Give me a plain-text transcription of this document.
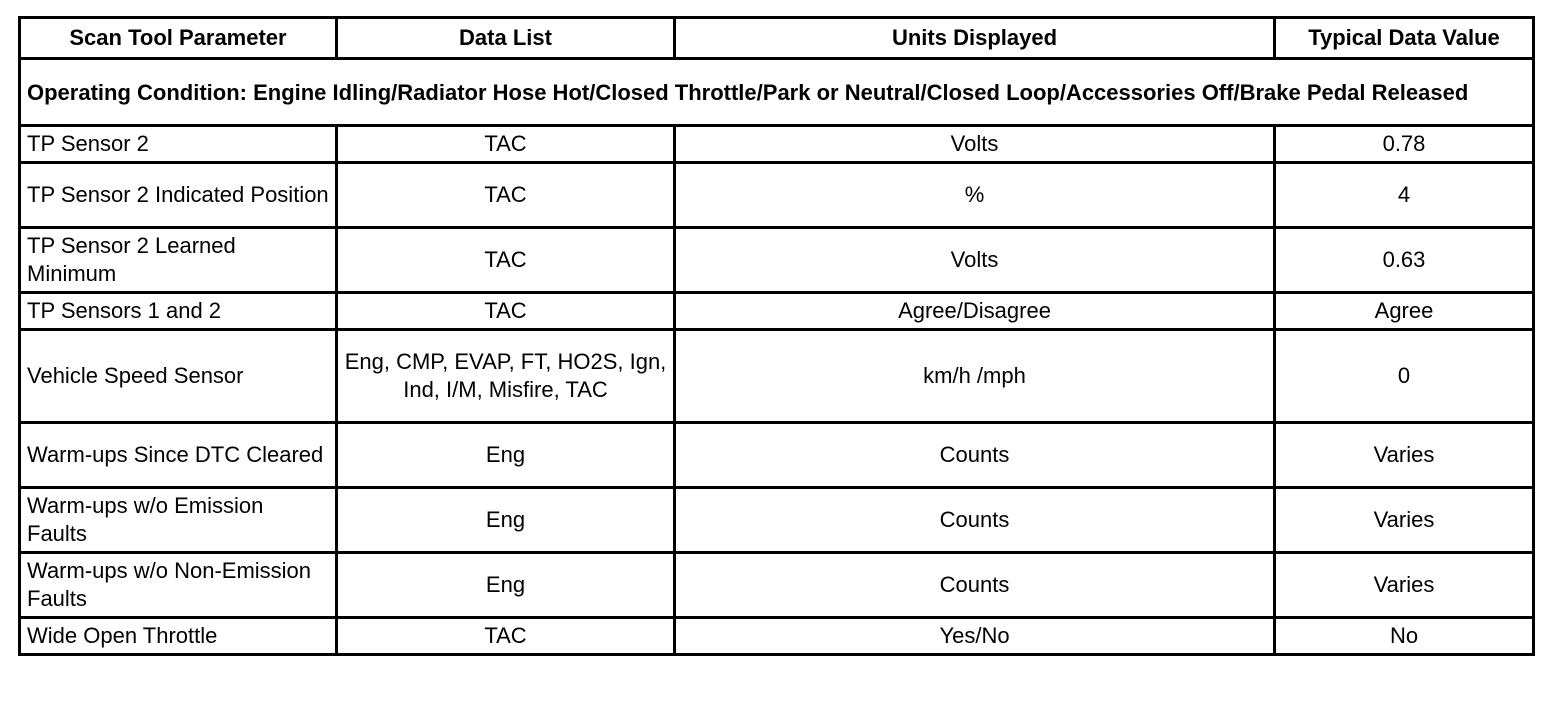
Scan Tool Parameter	Data List	Units Displayed	Typical Data Value
Operating Condition: Engine Idling/Radiator Hose Hot/Closed Throttle/Park or Neutral/Closed Loop/Accessories Off/Brake Pedal Released			
TP Sensor 2	TAC	Volts	0.78
TP Sensor 2 Indicated Position	TAC	%	4
TP Sensor 2 Learned Minimum	TAC	Volts	0.63
TP Sensors 1 and 2	TAC	Agree/Disagree	Agree
Vehicle Speed Sensor	Eng, CMP, EVAP, FT, HO2S, Ign, Ind, I/M, Misfire, TAC	km/h /mph	0
Warm-ups Since DTC Cleared	Eng	Counts	Varies
Warm-ups w/o Emission Faults	Eng	Counts	Varies
Warm-ups w/o Non-Emission Faults	Eng	Counts	Varies
Wide Open Throttle	TAC	Yes/No	No
